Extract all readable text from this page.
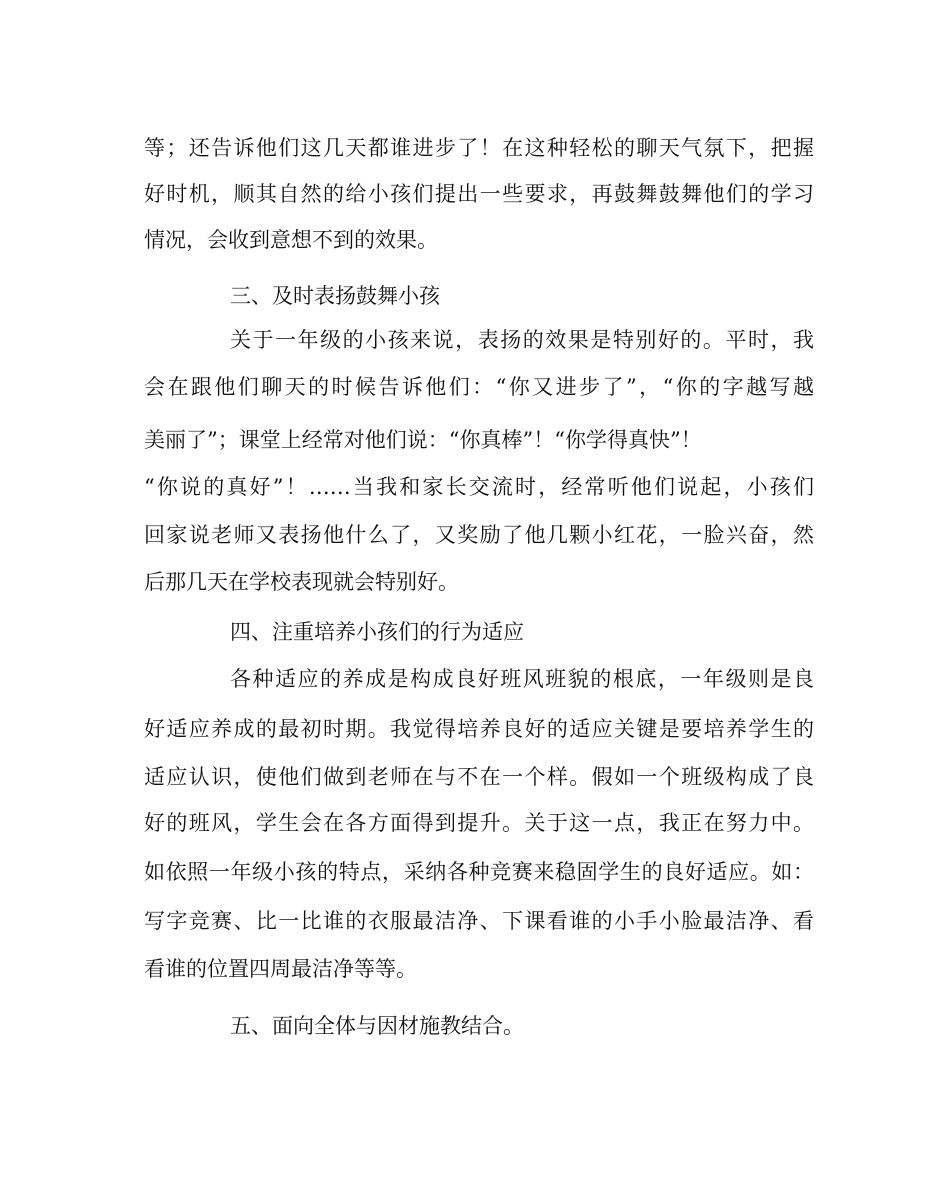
等；还告诉他们这几天都谁进步了！在这种轻松的聊天气氛下，把握
好时机，顺其自然的给小孩们提出一些要求，再鼓舞鼓舞他们的学习
情况，会收到意想不到的效果。
三、及时表扬鼓舞小孩
关于一年级的小孩来说，表扬的效果是特别好的。平时，我
会在跟他们聊天的时候告诉他们：“你又进步了”，“你的字越写越
美丽了”；课堂上经常对他们说：“你真棒”！“你学得真快”！
“你说的真好”！……当我和家长交流时，经常听他们说起，小孩们
回家说老师又表扬他什么了，又奖励了他几颗小红花，一脸兴奋，然
后那几天在学校表现就会特别好。
四、注重培养小孩们的行为适应
各种适应的养成是构成良好班风班貌的根底，一年级则是良
好适应养成的最初时期。我觉得培养良好的适应关键是要培养学生的
适应认识，使他们做到老师在与不在一个样。假如一个班级构成了良
好的班风，学生会在各方面得到提升。关于这一点，我正在努力中。
如依照一年级小孩的特点，采纳各种竞赛来稳固学生的良好适应。如：
写字竞赛、比一比谁的衣服最洁净、下课看谁的小手小脸最洁净、看
看谁的位置四周最洁净等等。
五、面向全体与因材施教结合。
